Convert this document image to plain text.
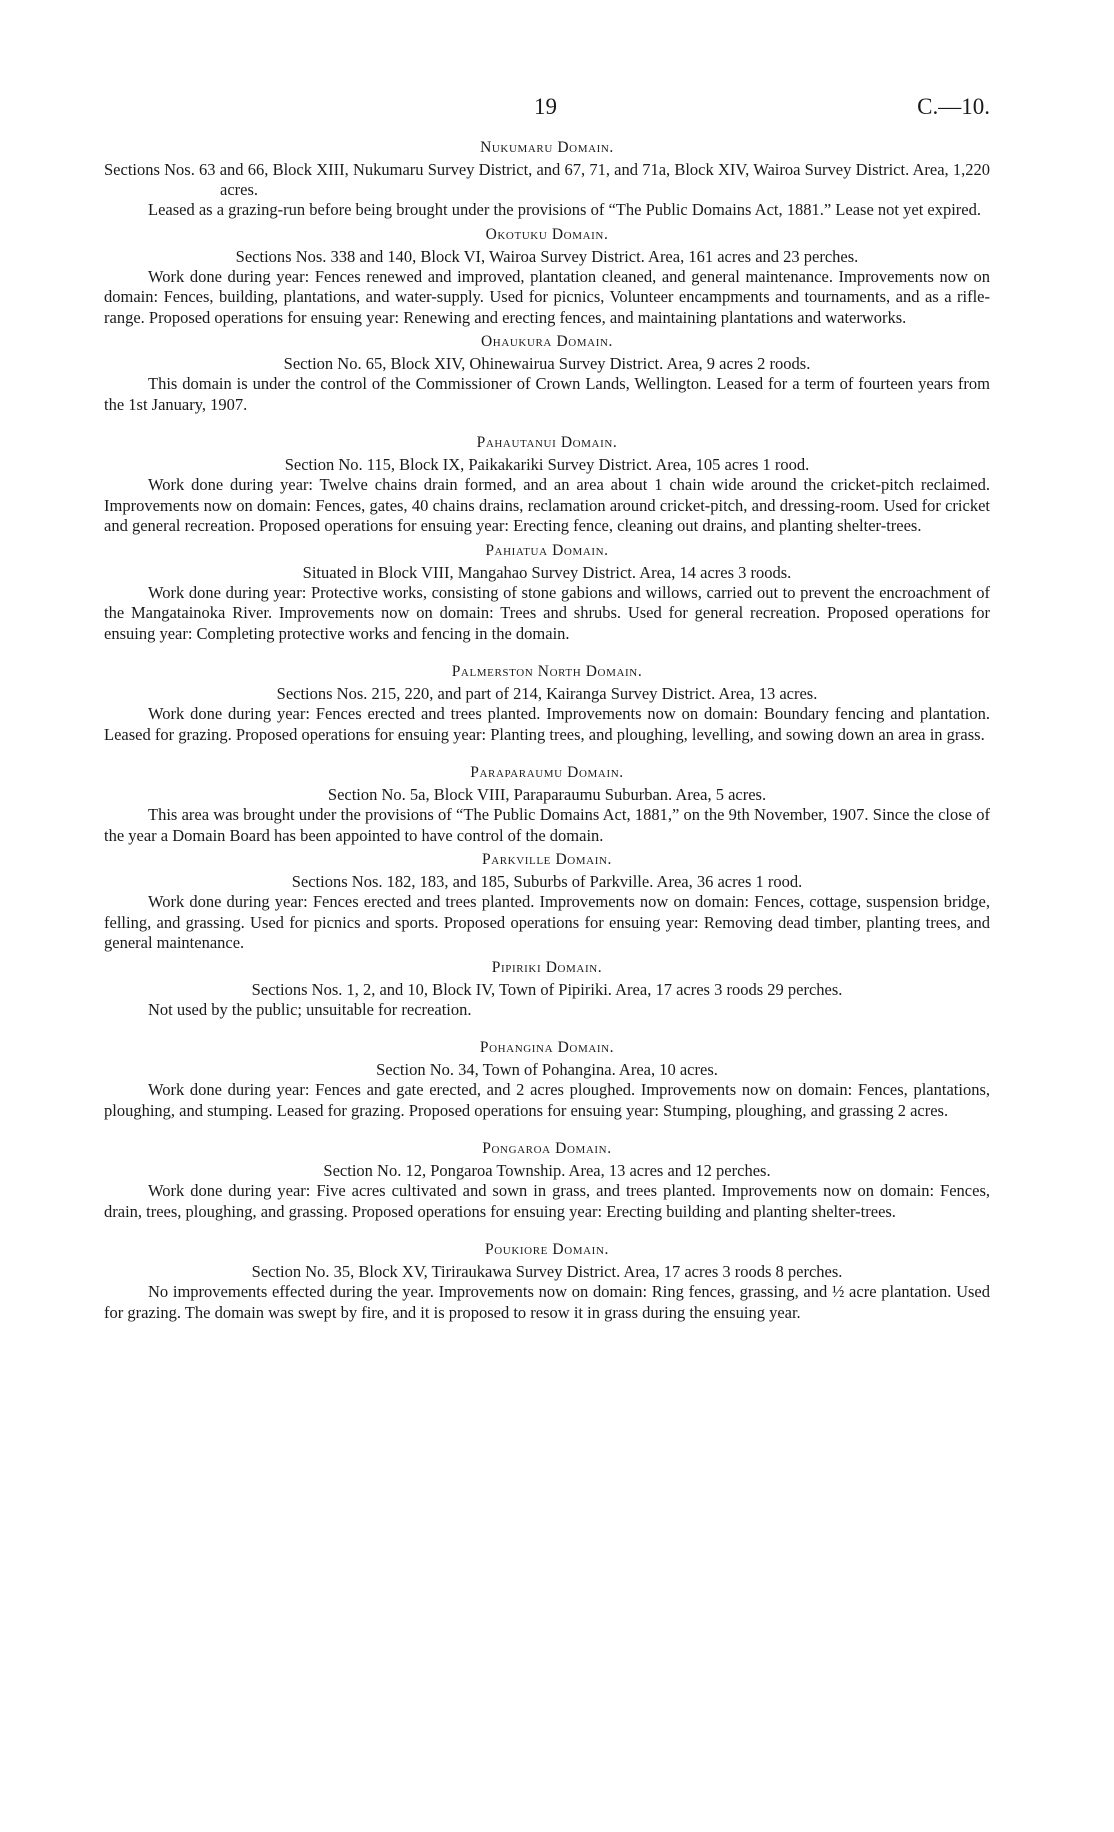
19	C.—10.
Nukumaru Domain.

Sections Nos. 63 and 66, Block XIII, Nukumaru Survey District, and 67, 71, and 71a, Block XIV, Wairoa Survey District. Area, 1,220 acres.

Leased as a grazing-run before being brought under the provisions of “The Public Domains Act, 1881.” Lease not yet expired.

Okotuku Domain.

Sections Nos. 338 and 140, Block VI, Wairoa Survey District. Area, 161 acres and 23 perches.

Work done during year: Fences renewed and improved, plantation cleaned, and general maintenance. Improvements now on domain: Fences, building, plantations, and water-supply. Used for picnics, Volunteer encampments and tournaments, and as a rifle-range. Proposed operations for ensuing year: Renewing and erecting fences, and maintaining plantations and waterworks.

Ohaukura Domain.

Section No. 65, Block XIV, Ohinewairua Survey District. Area, 9 acres 2 roods.

This domain is under the control of the Commissioner of Crown Lands, Wellington. Leased for a term of fourteen years from the 1st January, 1907.

Pahautanui Domain.

Section No. 115, Block IX, Paikakariki Survey District. Area, 105 acres 1 rood.

Work done during year: Twelve chains drain formed, and an area about 1 chain wide around the cricket-pitch reclaimed. Improvements now on domain: Fences, gates, 40 chains drains, reclamation around cricket-pitch, and dressing-room. Used for cricket and general recreation. Proposed operations for ensuing year: Erecting fence, cleaning out drains, and planting shelter-trees.

Pahiatua Domain.

Situated in Block VIII, Mangahao Survey District. Area, 14 acres 3 roods.

Work done during year: Protective works, consisting of stone gabions and willows, carried out to prevent the encroachment of the Mangatainoka River. Improvements now on domain: Trees and shrubs. Used for general recreation. Proposed operations for ensuing year: Completing protective works and fencing in the domain.

Palmerston North Domain.

Sections Nos. 215, 220, and part of 214, Kairanga Survey District. Area, 13 acres.

Work done during year: Fences erected and trees planted. Improvements now on domain: Boundary fencing and plantation. Leased for grazing. Proposed operations for ensuing year: Planting trees, and ploughing, levelling, and sowing down an area in grass.

Paraparaumu Domain.

Section No. 5a, Block VIII, Paraparaumu Suburban. Area, 5 acres.

This area was brought under the provisions of “The Public Domains Act, 1881,” on the 9th November, 1907. Since the close of the year a Domain Board has been appointed to have control of the domain.

Parkville Domain.

Sections Nos. 182, 183, and 185, Suburbs of Parkville. Area, 36 acres 1 rood.

Work done during year: Fences erected and trees planted. Improvements now on domain: Fences, cottage, suspension bridge, felling, and grassing. Used for picnics and sports. Proposed operations for ensuing year: Removing dead timber, planting trees, and general maintenance.

Pipiriki Domain.

Sections Nos. 1, 2, and 10, Block IV, Town of Pipiriki. Area, 17 acres 3 roods 29 perches.

Not used by the public; unsuitable for recreation.

Pohangina Domain.

Section No. 34, Town of Pohangina. Area, 10 acres.

Work done during year: Fences and gate erected, and 2 acres ploughed. Improvements now on domain: Fences, plantations, ploughing, and stumping. Leased for grazing. Proposed operations for ensuing year: Stumping, ploughing, and grassing 2 acres.

Pongaroa Domain.

Section No. 12, Pongaroa Township. Area, 13 acres and 12 perches.

Work done during year: Five acres cultivated and sown in grass, and trees planted. Improvements now on domain: Fences, drain, trees, ploughing, and grassing. Proposed operations for ensuing year: Erecting building and planting shelter-trees.

Poukiore Domain.

Section No. 35, Block XV, Tiriraukawa Survey District. Area, 17 acres 3 roods 8 perches.

No improvements effected during the year. Improvements now on domain: Ring fences, grassing, and ½ acre plantation. Used for grazing. The domain was swept by fire, and it is proposed to resow it in grass during the ensuing year.
